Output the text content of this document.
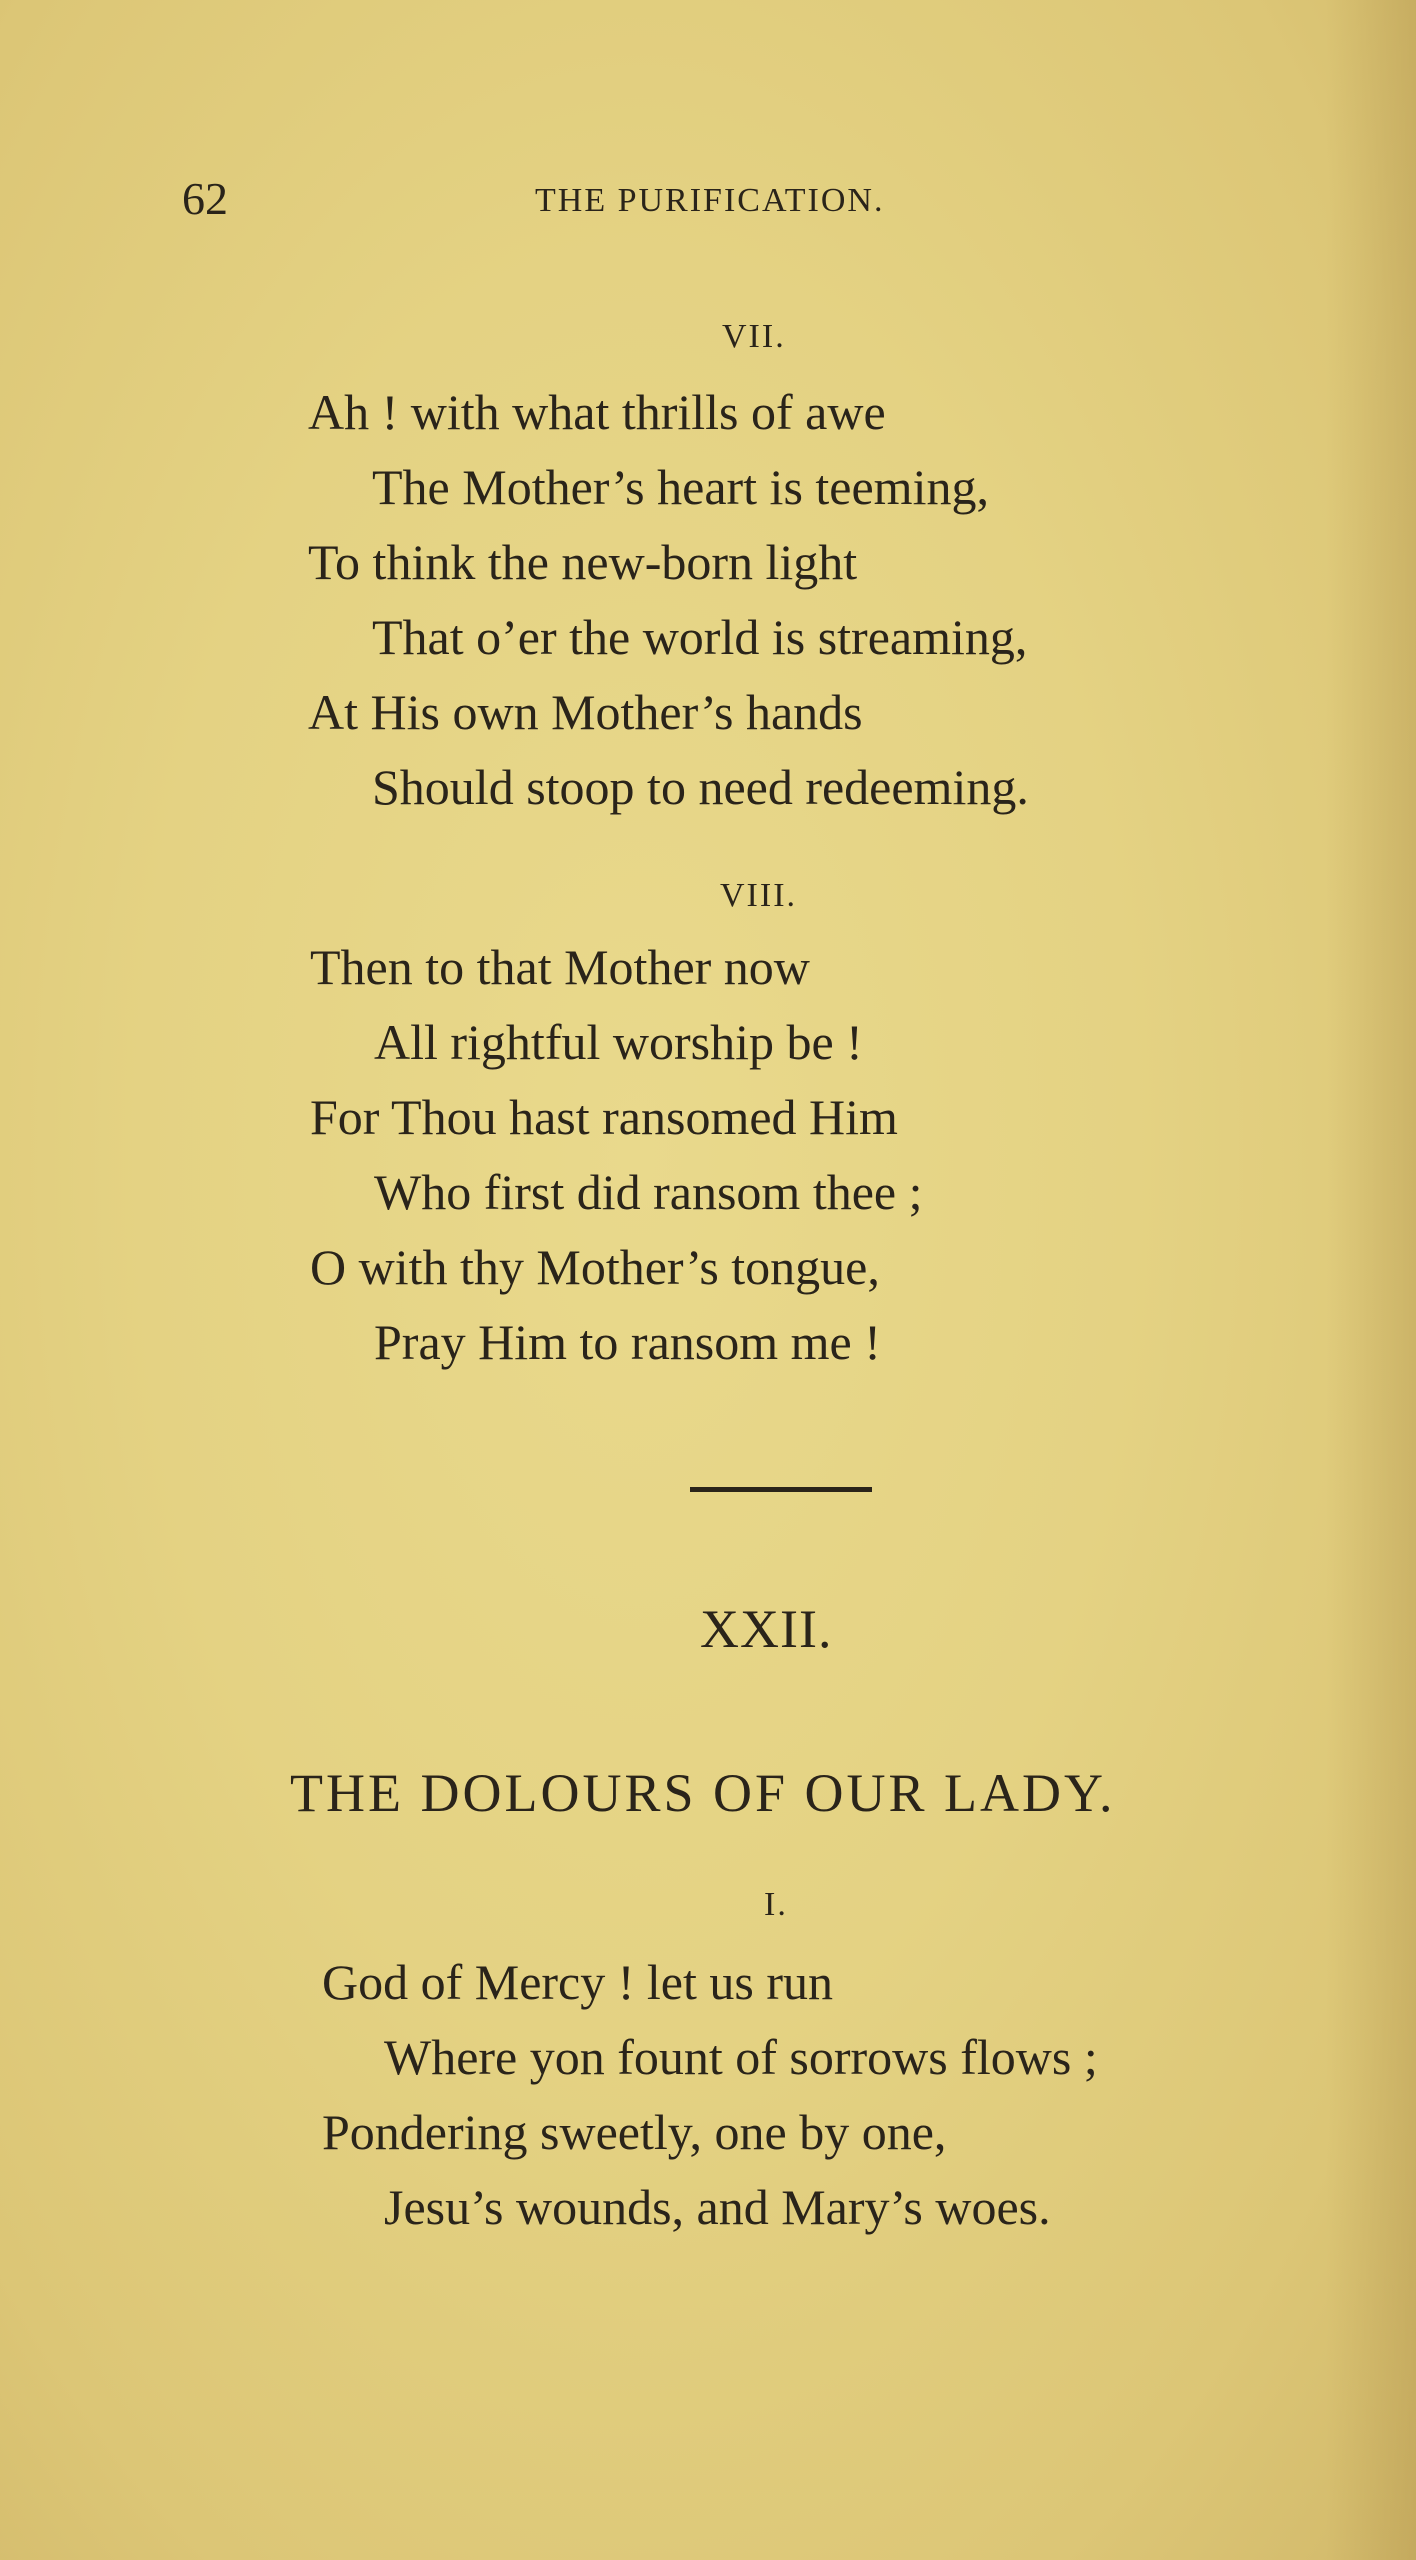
62	THE PURIFICATION.
VII.
Ah ! with what thrills of awe
The Mother’s heart is teeming,
To think the new-born light
That o’er the world is streaming,
At His own Mother’s hands
Should stoop to need redeeming.
VIII.
Then to that Mother now
All rightful worship be !
For Thou hast ransomed Him
Who first did ransom thee ;
O with thy Mother’s tongue,
Pray Him to ransom me !
XXII.
THE DOLOURS OF OUR LADY.
I.
God of Mercy ! let us run
Where yon fount of sorrows flows ;
Pondering sweetly, one by one,
Jesu’s wounds, and Mary’s woes.
